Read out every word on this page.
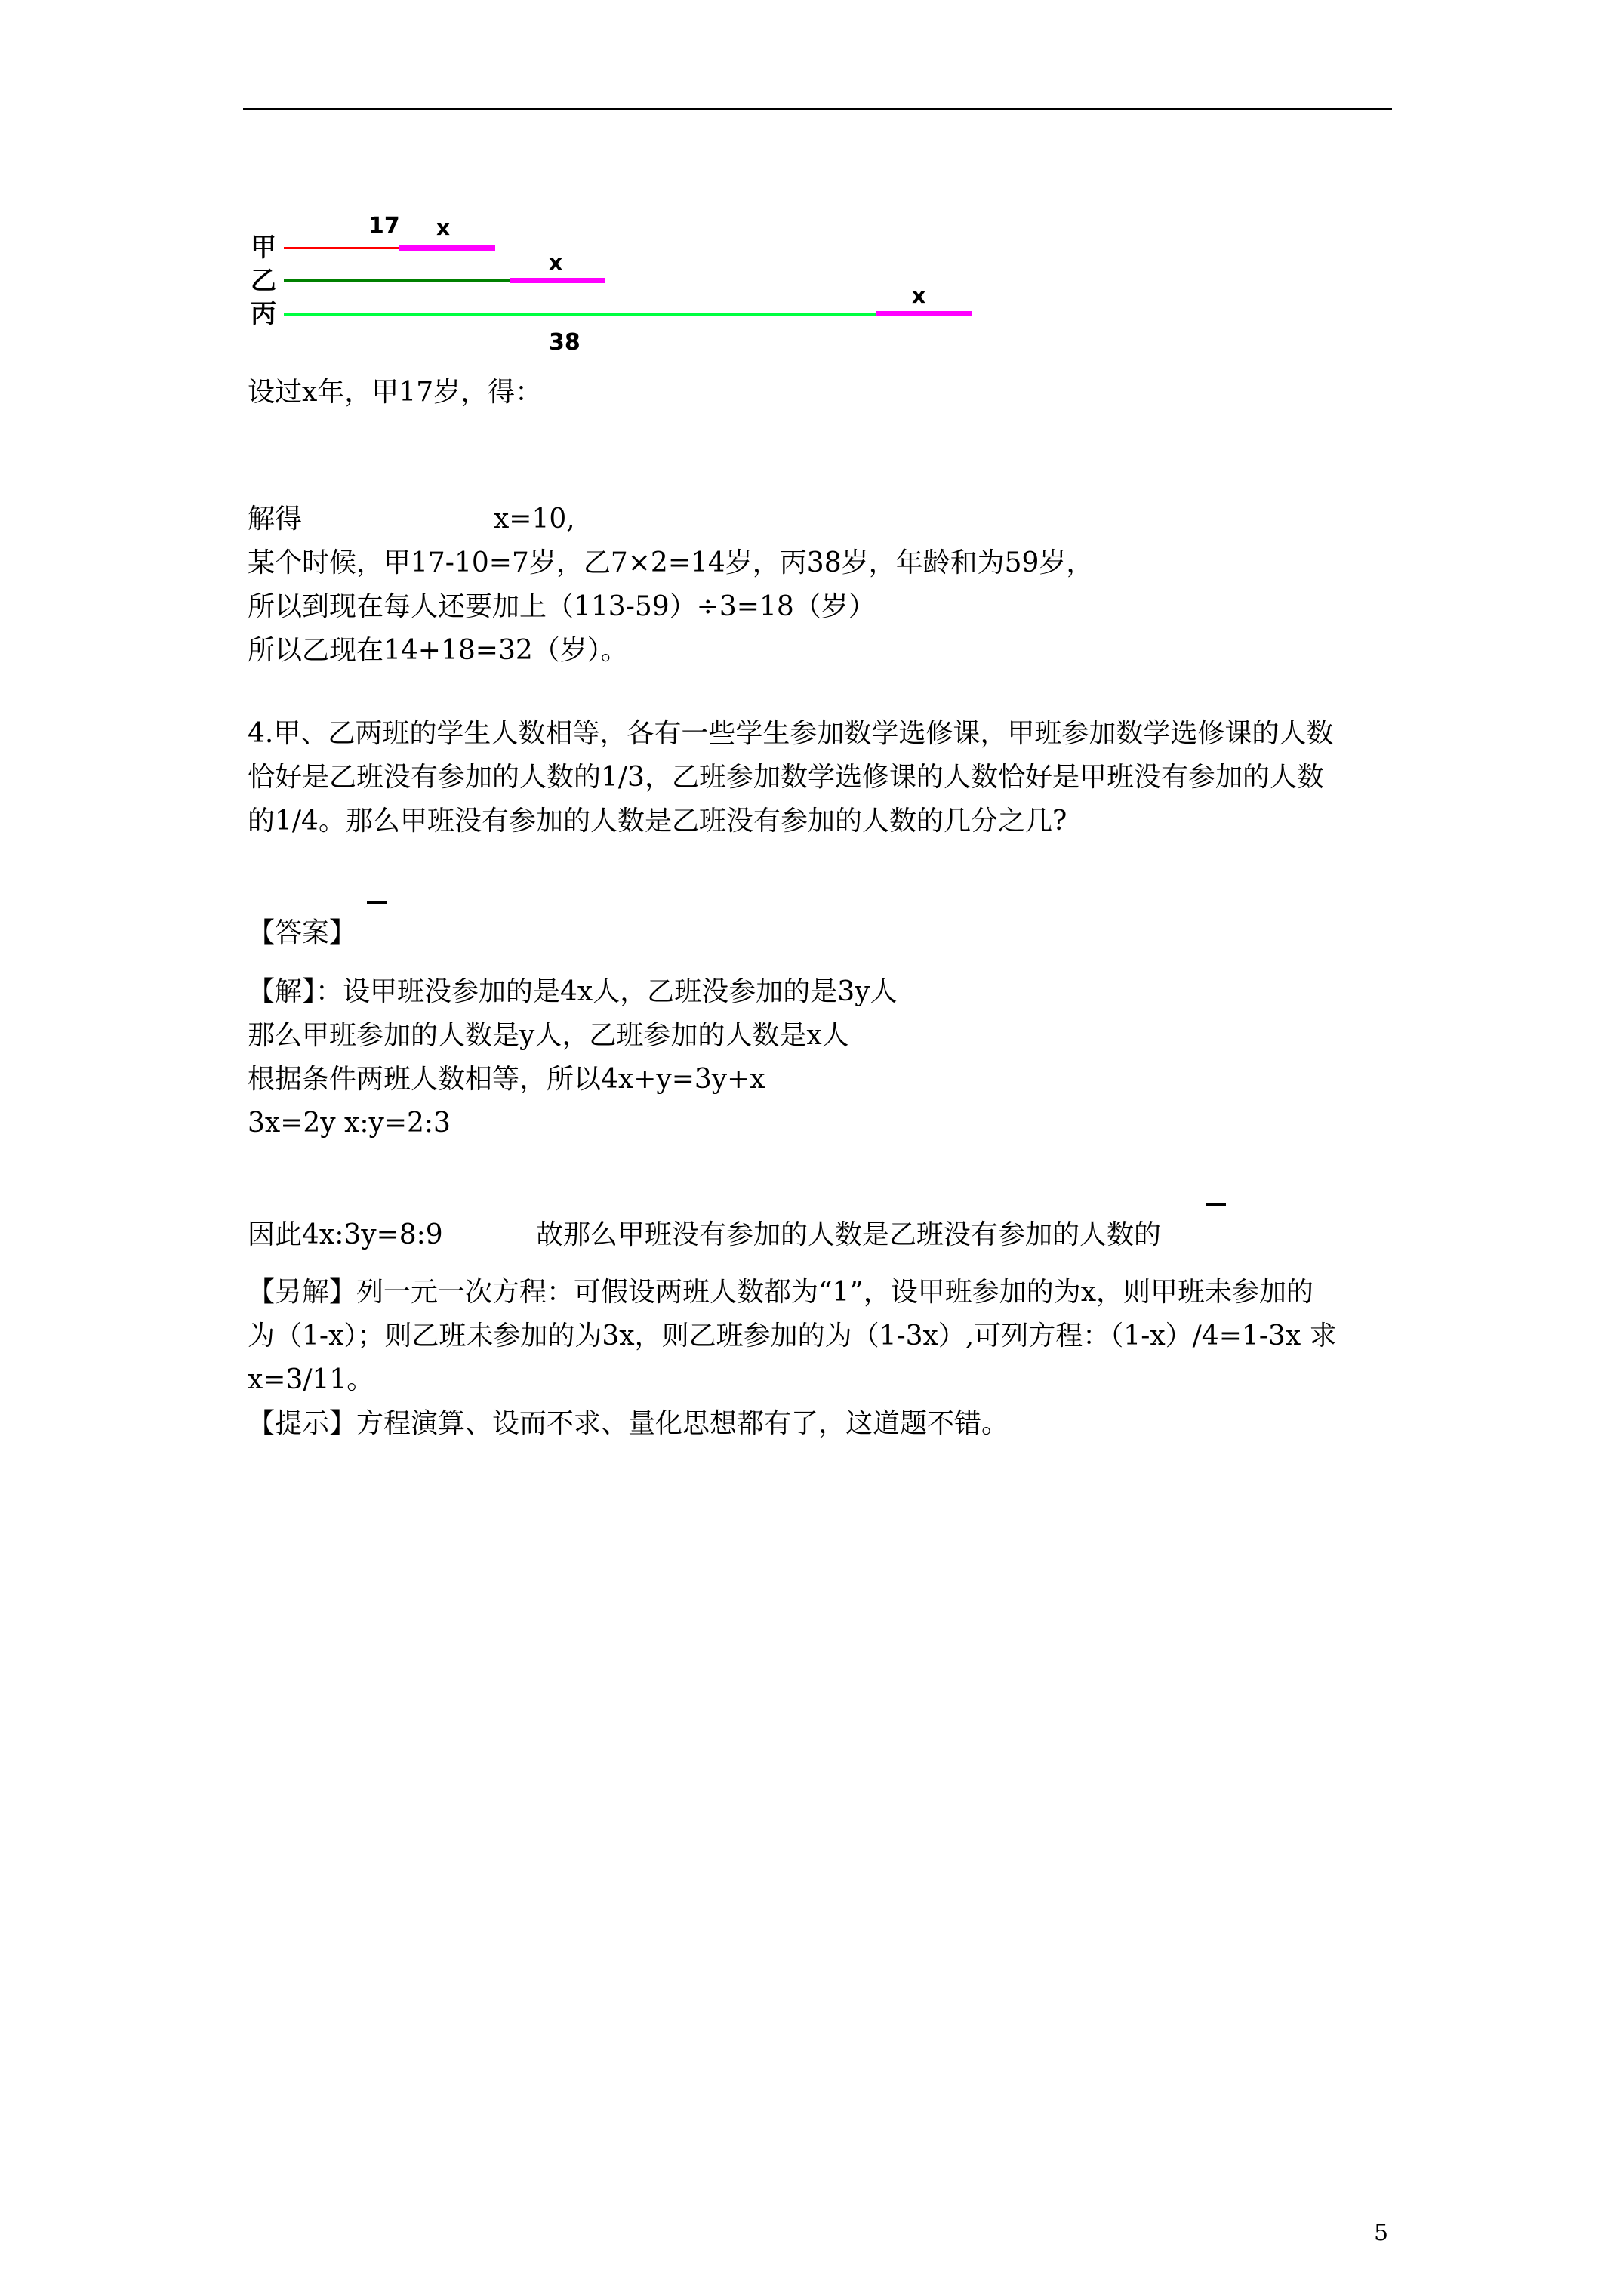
甲
乙
丙
17 x
x
x
38
设过x年，甲17岁，得：
解得	x=10,
某个时候，甲17-10=7岁，乙7×2=14岁，丙38岁，年龄和为59岁，
所以到现在每人还要加上（113-59）÷3=18（岁）
所以乙现在14+18=32（岁）。
4.甲、乙两班的学生人数相等，各有一些学生参加数学选修课，甲班参加数学选修课的人数
恰好是乙班没有参加的人数的1/3，乙班参加数学选修课的人数恰好是甲班没有参加的人数
的1/4。那么甲班没有参加的人数是乙班没有参加的人数的几分之几?
【答案】
【解】：设甲班没参加的是4x人，乙班没参加的是3y人
那么甲班参加的人数是y人，乙班参加的人数是x人
根据条件两班人数相等，所以4x+y=3y+x
3x=2y x:y=2:3
因此4x:3y=8:9	故那么甲班没有参加的人数是乙班没有参加的人数的
【另解】列一元一次方程：可假设两班人数都为“1”，设甲班参加的为x，则甲班未参加的
为（1-x）；则乙班未参加的为3x，则乙班参加的为（1-3x）,可列方程：（1-x）/4=1-3x 求
x=3/11。
【提示】方程演算、设而不求、量化思想都有了，这道题不错。
5
